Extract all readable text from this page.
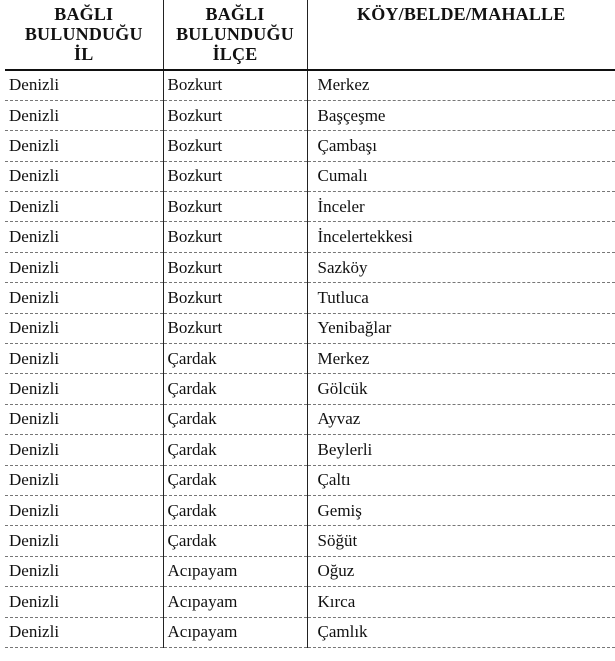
BAĞLI
BULUNDUĞU
İL	BAĞLI
BULUNDUĞU
İLÇE	KÖY/BELDE/MAHALLE

Denizli	Bozkurt	Merkez
Denizli	Bozkurt	Başçeşme
Denizli	Bozkurt	Çambaşı
Denizli	Bozkurt	Cumalı
Denizli	Bozkurt	İnceler
Denizli	Bozkurt	İncelertekkesi
Denizli	Bozkurt	Sazköy
Denizli	Bozkurt	Tutluca
Denizli	Bozkurt	Yenibağlar
Denizli	Çardak	Merkez
Denizli	Çardak	Gölcük
Denizli	Çardak	Ayvaz
Denizli	Çardak	Beylerli
Denizli	Çardak	Çaltı
Denizli	Çardak	Gemiş
Denizli	Çardak	Söğüt
Denizli	Acıpayam	Oğuz
Denizli	Acıpayam	Kırca
Denizli	Acıpayam	Çamlık
